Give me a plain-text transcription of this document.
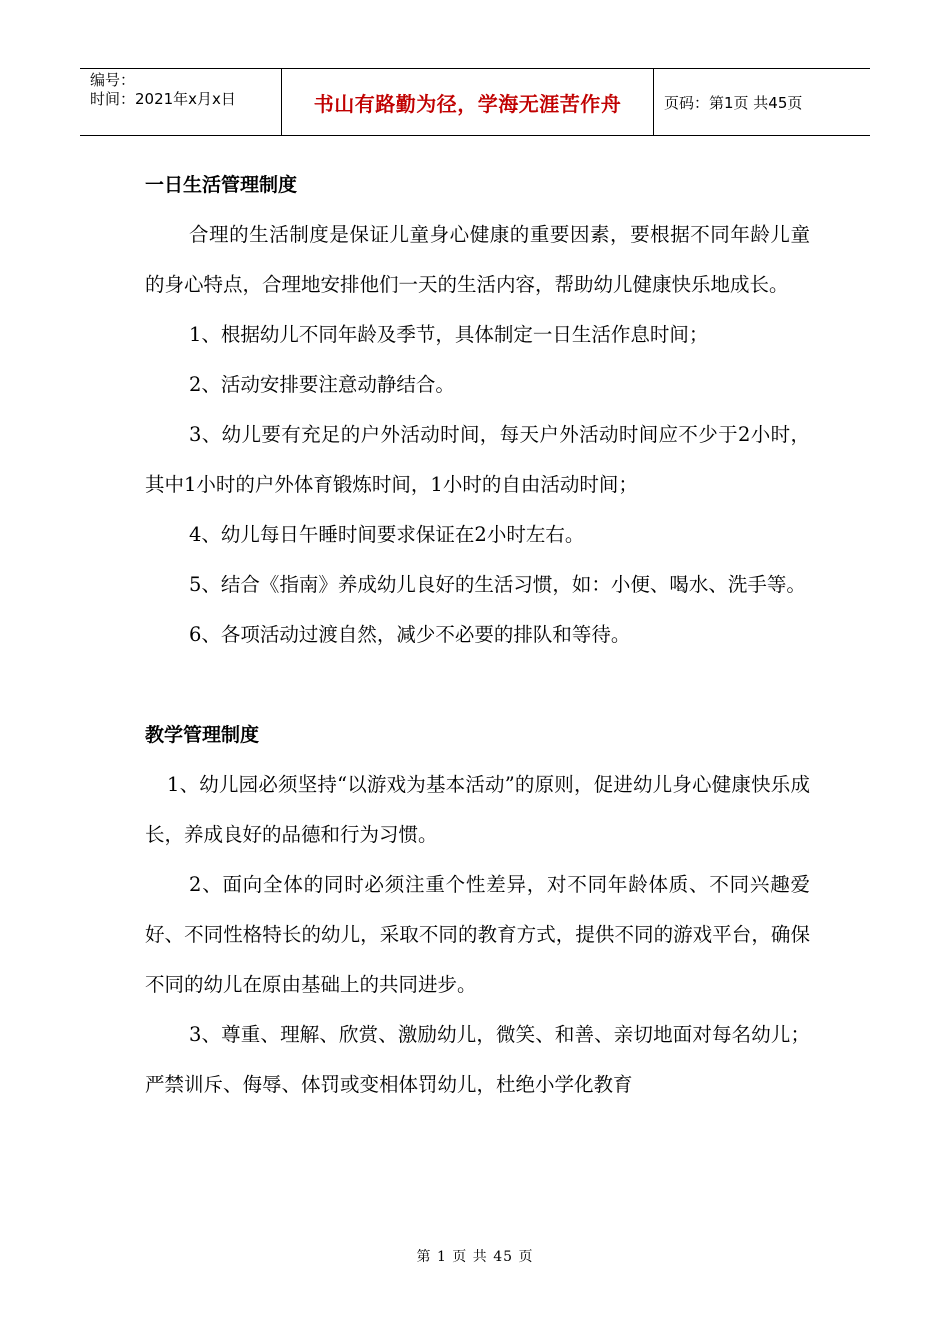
编号：
时间：2021年x月x日	书山有路勤为径，学海无涯苦作舟	页码：第1页 共45页
一日生活管理制度

合理的生活制度是保证儿童身心健康的重要因素，要根据不同年龄儿童的身心特点，合理地安排他们一天的生活内容，帮助幼儿健康快乐地成长。

1、根据幼儿不同年龄及季节，具体制定一日生活作息时间；

2、活动安排要注意动静结合。

3、幼儿要有充足的户外活动时间，每天户外活动时间应不少于2小时，其中1小时的户外体育锻炼时间，1小时的自由活动时间；

4、幼儿每日午睡时间要求保证在2小时左右。

5、结合《指南》养成幼儿良好的生活习惯，如：小便、喝水、洗手等。

6、各项活动过渡自然，减少不必要的排队和等待。

教学管理制度

1、幼儿园必须坚持“以游戏为基本活动”的原则，促进幼儿身心健康快乐成长，养成良好的品德和行为习惯。

2、面向全体的同时必须注重个性差异，对不同年龄体质、不同兴趣爱好、不同性格特长的幼儿，采取不同的教育方式，提供不同的游戏平台，确保不同的幼儿在原由基础上的共同进步。

3、尊重、理解、欣赏、激励幼儿，微笑、和善、亲切地面对每名幼儿；严禁训斥、侮辱、体罚或变相体罚幼儿，杜绝小学化教育

第 1 页 共 45 页
